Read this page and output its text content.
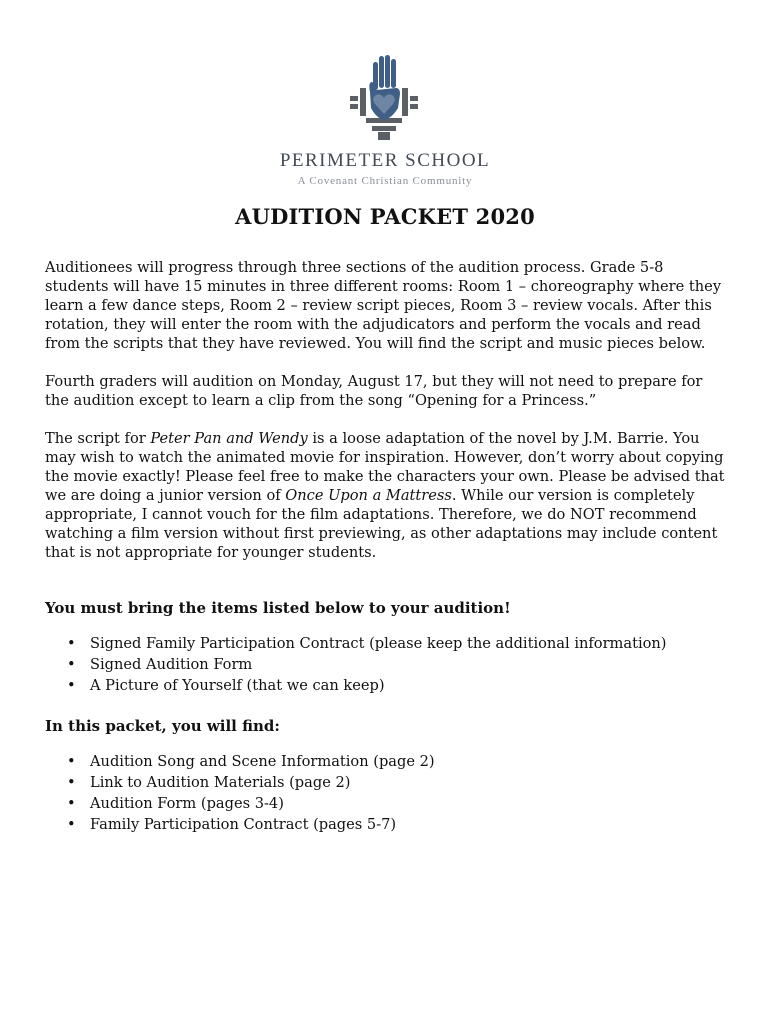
PERIMETER SCHOOL
A Covenant Christian Community
AUDITION PACKET 2020

Auditionees will progress through three sections of the audition process. Grade 5-8 students will have 15 minutes in three different rooms: Room 1 – choreography where they learn a few dance steps, Room 2 – review script pieces, Room 3 – review vocals. After this rotation, they will enter the room with the adjudicators and perform the vocals and read from the scripts that they have reviewed. You will find the script and music pieces below.

Fourth graders will audition on Monday, August 17, but they will not need to prepare for the audition except to learn a clip from the song “Opening for a Princess.”

The script for Peter Pan and Wendy is a loose adaptation of the novel by J.M. Barrie. You may wish to watch the animated movie for inspiration. However, don’t worry about copying the movie exactly! Please feel free to make the characters your own. Please be advised that we are doing a junior version of Once Upon a Mattress. While our version is completely appropriate, I cannot vouch for the film adaptations. Therefore, we do NOT recommend watching a film version without first previewing, as other adaptations may include content that is not appropriate for younger students.

You must bring the items listed below to your audition!
• Signed Family Participation Contract (please keep the additional information)
• Signed Audition Form
• A Picture of Yourself (that we can keep)
In this packet, you will find:
• Audition Song and Scene Information (page 2)
• Link to Audition Materials (page 2)
• Audition Form (pages 3-4)
• Family Participation Contract (pages 5-7)
